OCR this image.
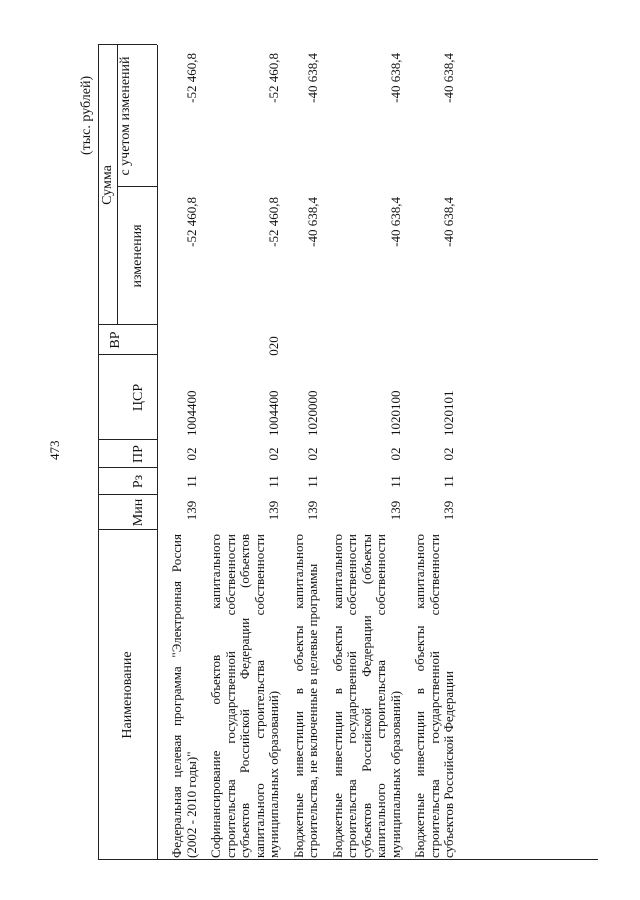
473
(тыс. рублей)
Наименование
Мин
Рз
ПР
ЦСР
ВР
Сумма
изменения
с учетом изменений
Федеральная целевая программа "Электронная Россия (2002 - 2010 годы)"
139
11
02
1004400
-52 460,8
-52 460,8
Софинансирование объектов капитального строительства государственной собственности субъектов Российской Федерации (объектов капитального строительства собственности муниципальных образований)
139
11
02
1004400
020
-52 460,8
-52 460,8
Бюджетные инвестиции в объекты капитального строительства, не включенные в целевые программы
139
11
02
1020000
-40 638,4
-40 638,4
Бюджетные инвестиции в объекты капитального строительства государственной собственности субъектов Российской Федерации (объекты капитального строительства собственности муниципальных образований)
139
11
02
1020100
-40 638,4
-40 638,4
Бюджетные инвестиции в объекты капитального строительства государственной собственности субъектов Российской Федерации
139
11
02
1020101
-40 638,4
-40 638,4
